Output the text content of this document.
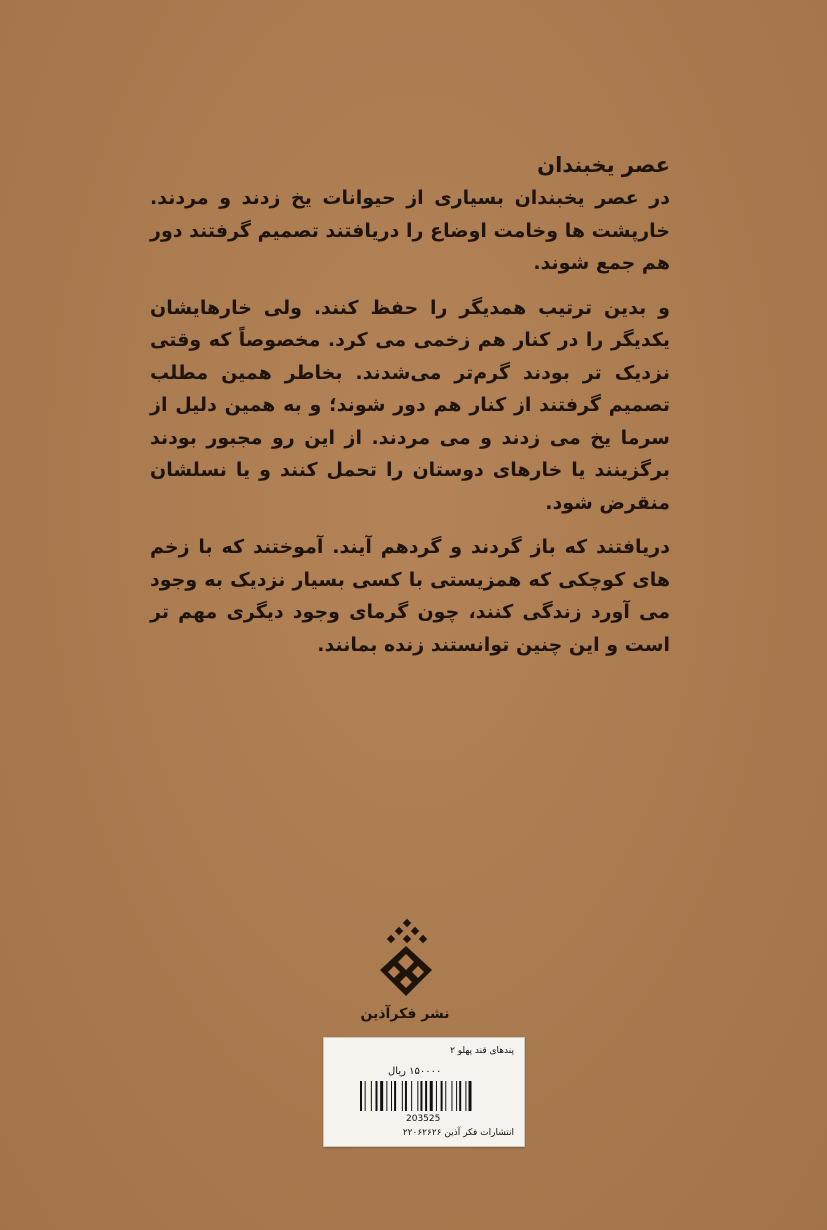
عصر یخبندان

در عصر یخبندان بسیاری از حیوانات یخ زدند و مردند. خارپشت ها وخامت اوضاع را دریافتند تصمیم گرفتند دور هم جمع شوند.

و بدین ترتیب همدیگر را حفظ کنند. ولی خارهایشان یکدیگر را در کنار هم زخمی می کرد. مخصوصاً که وقتی نزدیک تر بودند گرم‌تر می‌شدند. بخاطر همین مطلب تصمیم گرفتند از کنار هم دور شوند؛ و به همین دلیل از سرما یخ می زدند و می مردند. از این رو مجبور بودند برگزینند یا خارهای دوستان را تحمل کنند و یا نسلشان منقرض شود.

دریافتند که باز گردند و گردهم آیند. آموختند که با زخم های کوچکی که همزیستی با کسی بسیار نزدیک به وجود می آورد زندگی کنند، چون گرمای وجود دیگری مهم تر است و این چنین توانستند زنده بمانند.

نشر فکرآذین
پندهای قند پهلو ۲
۱۵۰۰۰۰ ریال
203525
انتشارات فکر آذین ۲۲۰۶۲۶۲۶
